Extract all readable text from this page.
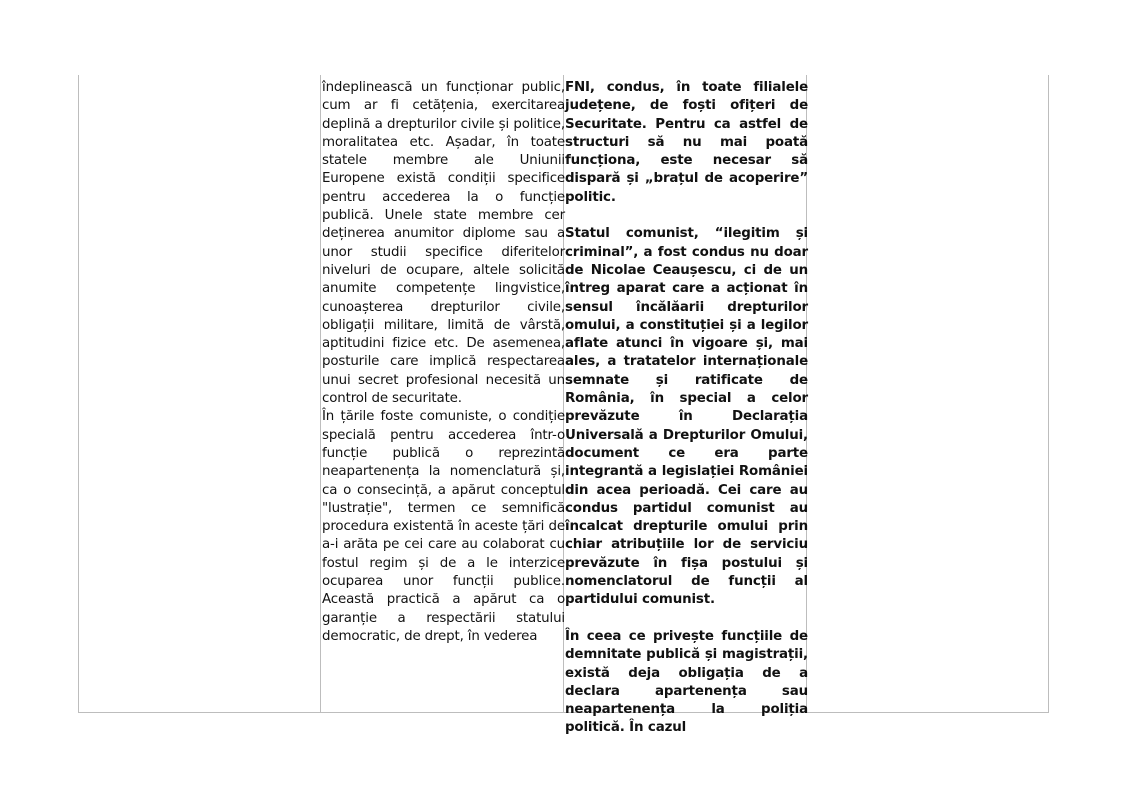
îndeplinească un funcționar public, cum ar fi cetățenia, exercitarea deplină a drepturilor civile și politice, moralitatea etc. Așadar, în toate statele membre ale Uniunii Europene există condiții specifice pentru accederea la o funcție publică. Unele state membre cer deținerea anumitor diplome sau a unor studii specifice diferitelor niveluri de ocupare, altele solicită anumite competențe lingvistice, cunoașterea drepturilor civile, obligații militare, limită de vârstă, aptitudini fizice etc. De asemenea, posturile care implică respectarea unui secret profesional necesită un control de securitate.

În țările foste comuniste, o condiție specială pentru accederea într-o funcție publică o reprezintă neapartenența la nomenclatură și, ca o consecință, a apărut conceptul "lustrație", termen ce semnifică procedura existentă în aceste țări de a-i arăta pe cei care au colaborat cu fostul regim și de a le interzice ocuparea unor funcții publice. Această practică a apărut ca o garanție a respectării statului democratic, de drept, în vederea

FNI, condus, în toate filialele județene, de foști ofițeri de Securitate. Pentru ca astfel de structuri să nu mai poată funcționa, este necesar să dispară și „brațul de acoperire” politic.

Statul comunist, “ilegitim și criminal”, a fost condus nu doar de Nicolae Ceaușescu, ci de un întreg aparat care a acționat în sensul încălăarii drepturilor omului, a constituției și a legilor aflate atunci în vigoare și, mai ales, a tratatelor internaționale semnate și ratificate de România, în special a celor prevăzute în Declarația Universală a Drepturilor Omului, document ce era parte integrantă a legislației României din acea perioadă. Cei care au condus partidul comunist au încalcat drepturile omului prin chiar atribuțiile lor de serviciu prevăzute în fișa postului și nomenclatorul de funcții al partidului comunist.

În ceea ce privește funcțiile de demnitate publică și magistrații, există deja obligația de a declara apartenența sau neapartenența la poliția politică. În cazul
